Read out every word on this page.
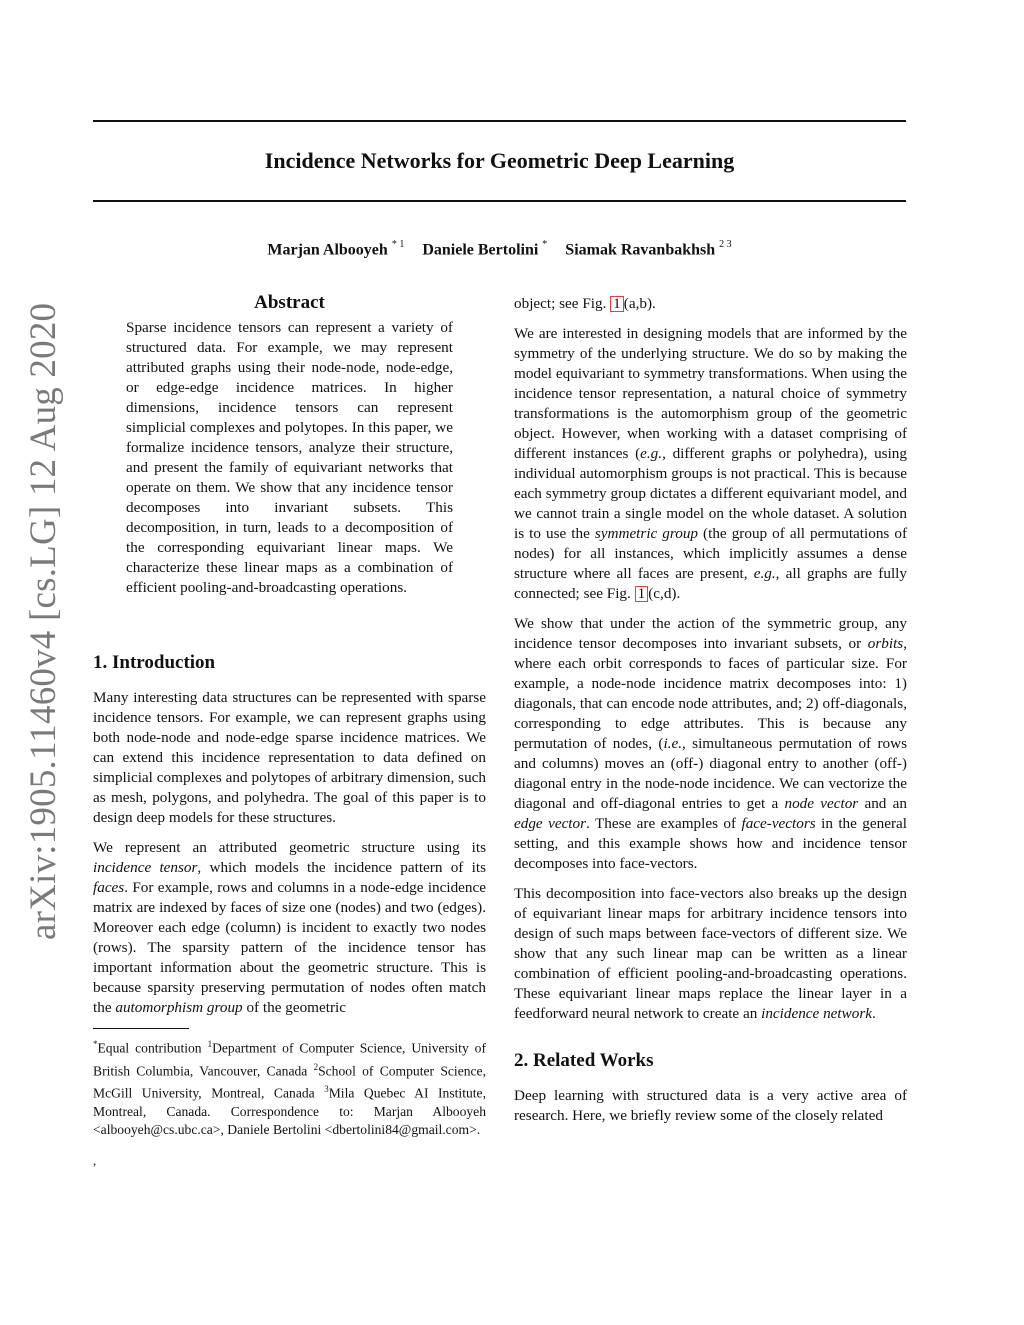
arXiv:1905.11460v4 [cs.LG] 12 Aug 2020
Incidence Networks for Geometric Deep Learning
Marjan Albooyeh $^{* 1}$ Daniele Bertolini * Siamak Ravanbakhsh $^{2 3}$
Abstract

Sparse incidence tensors can represent a variety of structured data. For example, we may represent attributed graphs using their node-node, node-edge, or edge-edge incidence matrices. In higher dimensions, incidence tensors can represent simplicial complexes and polytopes. In this paper, we formalize incidence tensors, analyze their structure, and present the family of equivariant networks that operate on them. We show that any incidence tensor decomposes into invariant subsets. This decomposition, in turn, leads to a decomposition of the corresponding equivariant linear maps. We characterize these linear maps as a combination of efficient pooling-and-broadcasting operations.

1. Introduction

Many interesting data structures can be represented with sparse incidence tensors. For example, we can represent graphs using both node-node and node-edge sparse incidence matrices. We can extend this incidence representation to data defined on simplicial complexes and polytopes of arbitrary dimension, such as mesh, polygons, and polyhedra. The goal of this paper is to design deep models for these structures.

We represent an attributed geometric structure using its incidence tensor, which models the incidence pattern of its faces. For example, rows and columns in a node-edge incidence matrix are indexed by faces of size one (nodes) and two (edges). Moreover each edge (column) is incident to exactly two nodes (rows). The sparsity pattern of the incidence tensor has important information about the geometric structure. This is because sparsity preserving permutation of nodes often match the automorphism group of the geometric

*Equal contribution $^1$Department of Computer Science, University of British Columbia, Vancouver, Canada $^2$School of Computer Science, McGill University, Montreal, Canada $^3$Mila Quebec AI Institute, Montreal, Canada. Correspondence to: Marjan Albooyeh <albooyeh@cs.ubc.ca>, Daniele Bertolini <dbertolini84@gmail.com>.
,

object; see Fig. 1 (a,b).

We are interested in designing models that are informed by the symmetry of the underlying structure. We do so by making the model equivariant to symmetry transformations. When using the incidence tensor representation, a natural choice of symmetry transformations is the automorphism group of the geometric object. However, when working with a dataset comprising of different instances (e.g., different graphs or polyhedra), using individual automorphism groups is not practical. This is because each symmetry group dictates a different equivariant model, and we cannot train a single model on the whole dataset. A solution is to use the symmetric group (the group of all permutations of nodes) for all instances, which implicitly assumes a dense structure where all faces are present, e.g., all graphs are fully connected; see Fig. 1 (c,d).

We show that under the action of the symmetric group, any incidence tensor decomposes into invariant subsets, or orbits, where each orbit corresponds to faces of particular size. For example, a node-node incidence matrix decomposes into: 1) diagonals, that can encode node attributes, and; 2) off-diagonals, corresponding to edge attributes. This is because any permutation of nodes, (i.e., simultaneous permutation of rows and columns) moves an (off-) diagonal entry to another (off-) diagonal entry in the node-node incidence. We can vectorize the diagonal and off-diagonal entries to get a node vector and an edge vector. These are examples of face-vectors in the general setting, and this example shows how and incidence tensor decomposes into face-vectors.

This decomposition into face-vectors also breaks up the design of equivariant linear maps for arbitrary incidence tensors into design of such maps between face-vectors of different size. We show that any such linear map can be written as a linear combination of efficient pooling-and-broadcasting operations. These equivariant linear maps replace the linear layer in a feedforward neural network to create an incidence network.

2. Related Works

Deep learning with structured data is a very active area of research. Here, we briefly review some of the closely related
